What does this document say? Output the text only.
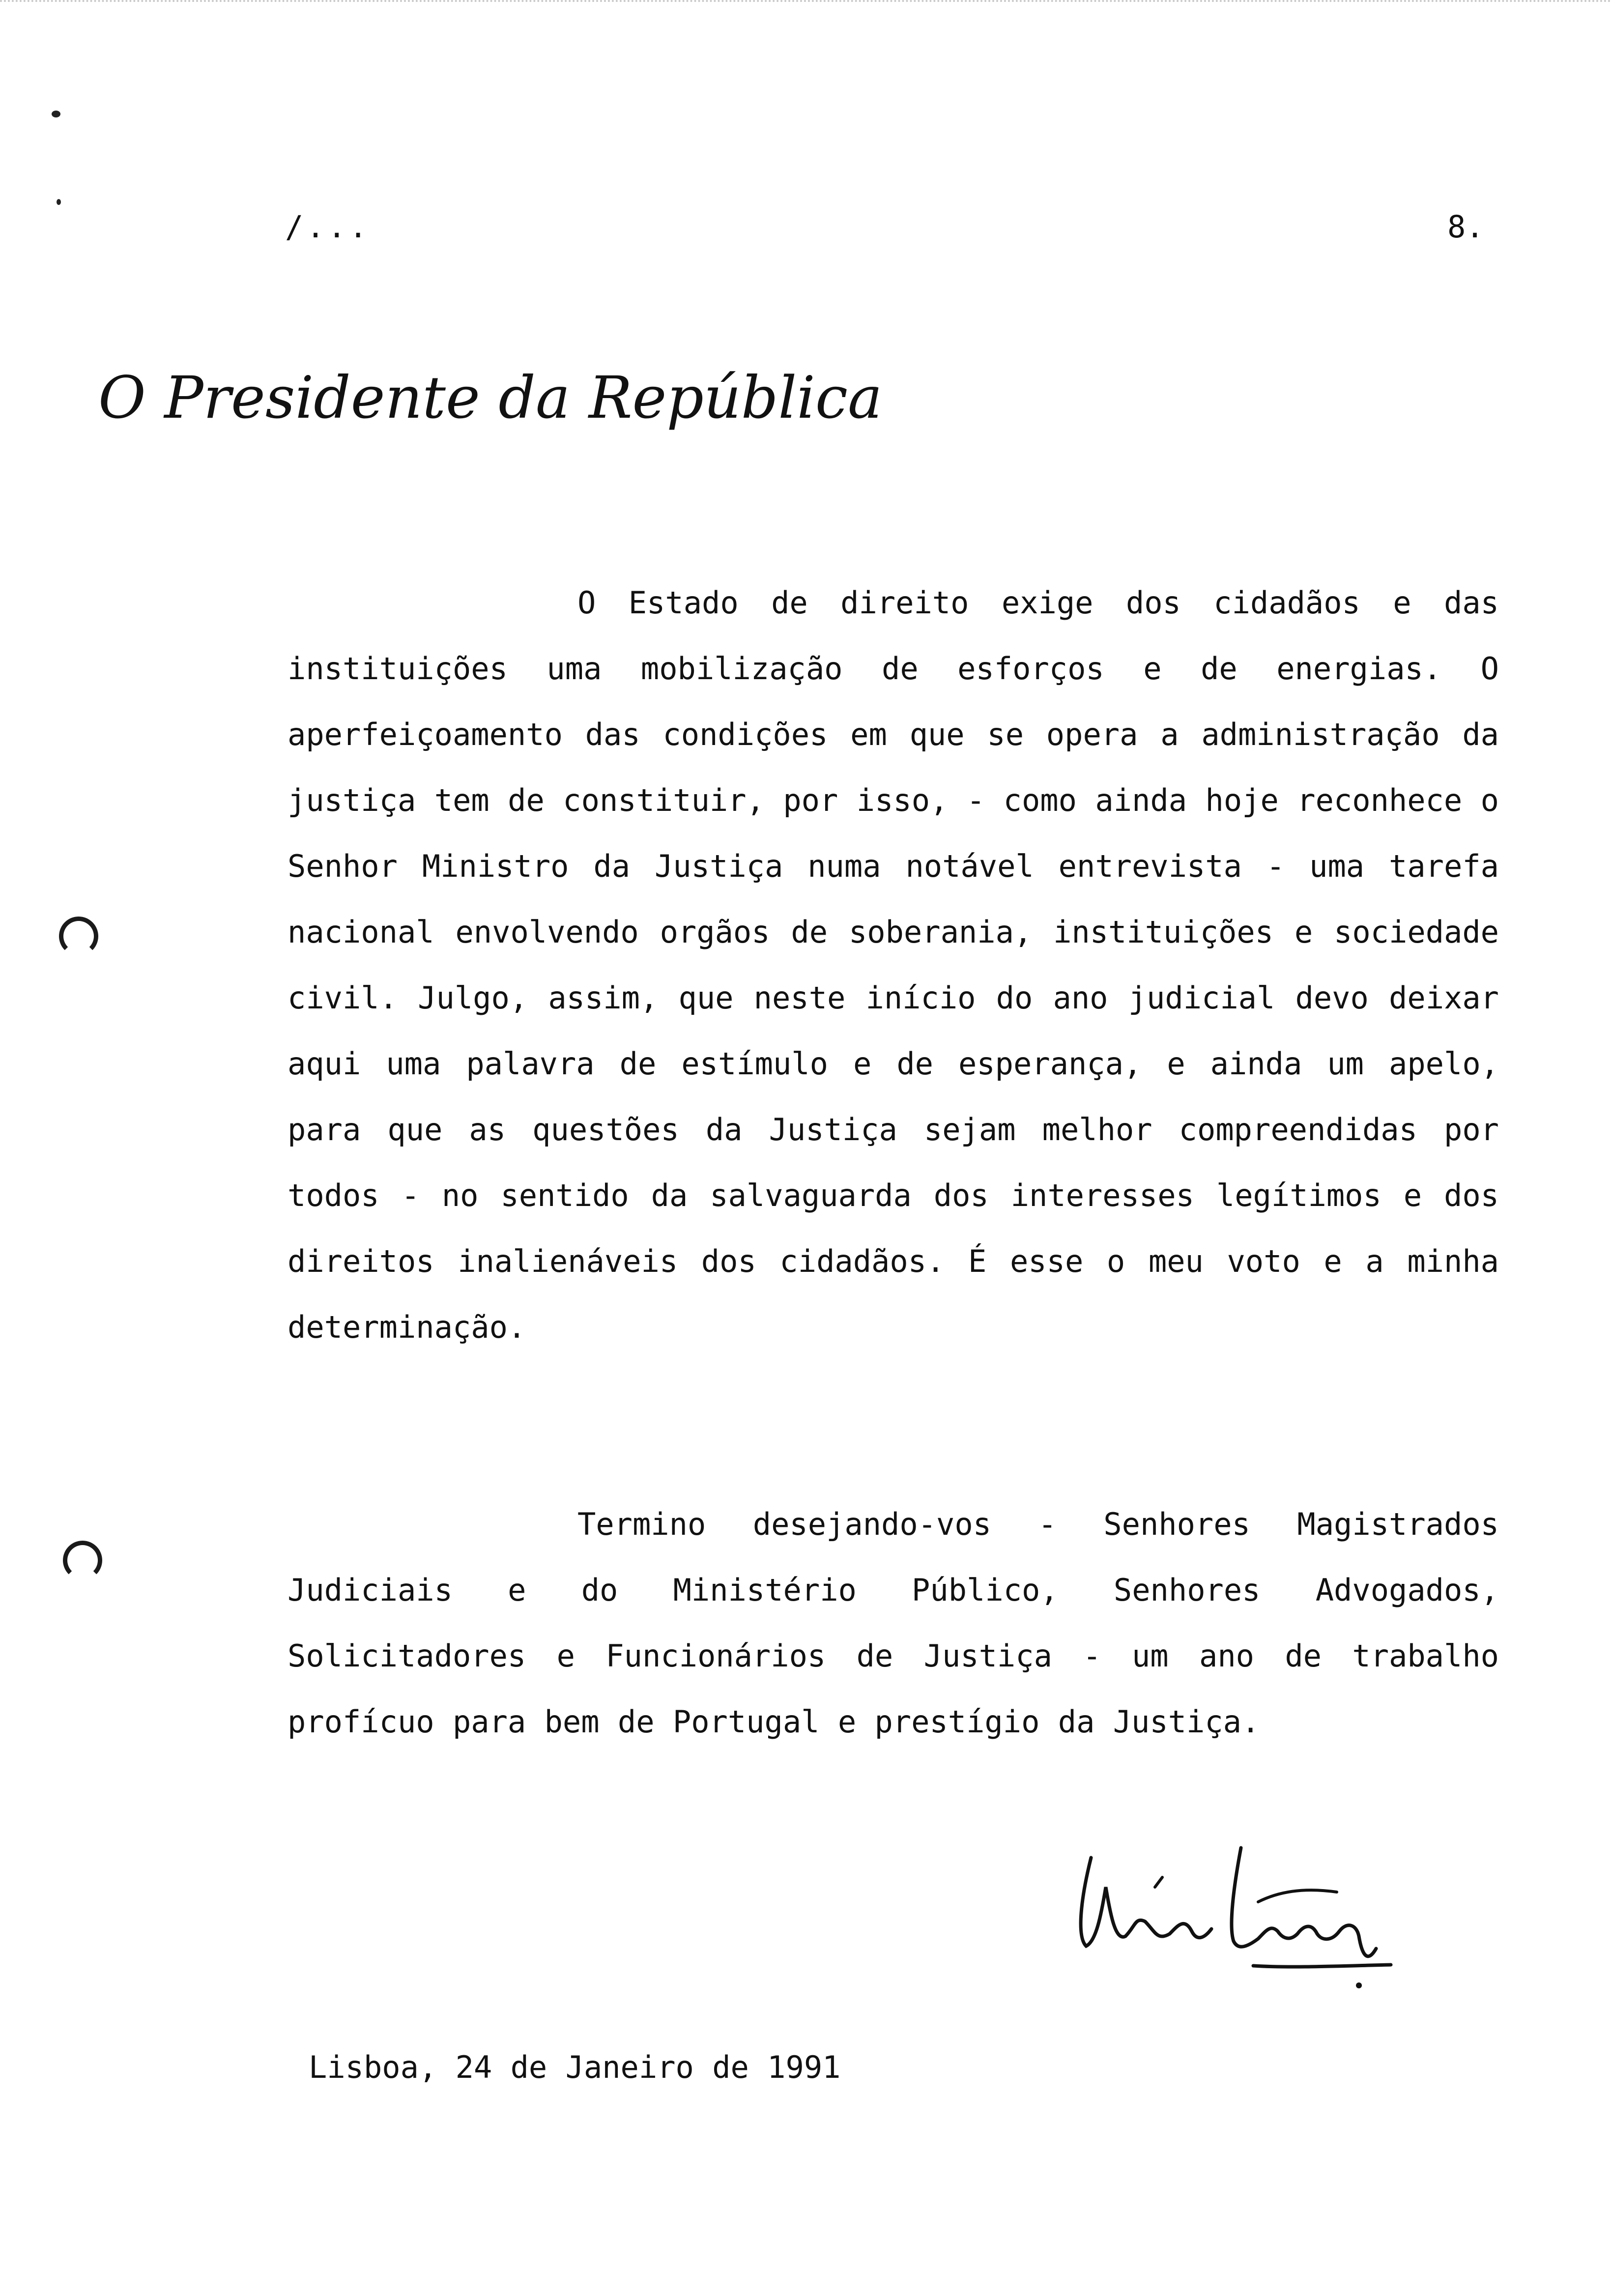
/...	8.
O Presidente da República

O Estado de direito exige dos cidadãos e das instituições uma mobilização de esforços e de energias. O aperfeiçoamento das condições em que se opera a administração da justiça tem de constituir, por isso, - como ainda hoje reconhece o Senhor Ministro da Justiça numa notável entrevista - uma tarefa nacional envolvendo orgãos de soberania, instituições e sociedade civil. Julgo, assim, que neste início do ano judicial devo deixar aqui uma palavra de estímulo e de esperança, e ainda um apelo, para que as questões da Justiça sejam melhor compreendidas por todos - no sentido da salvaguarda dos interesses legítimos e dos direitos inalienáveis dos cidadãos. É esse o meu voto e a minha determinação.

Termino desejando-vos - Senhores Magistrados Judiciais e do Ministério Público, Senhores Advogados, Solicitadores e Funcionários de Justiça - um ano de trabalho profícuo para bem de Portugal e prestígio da Justiça.

Lisboa, 24 de Janeiro de 1991
